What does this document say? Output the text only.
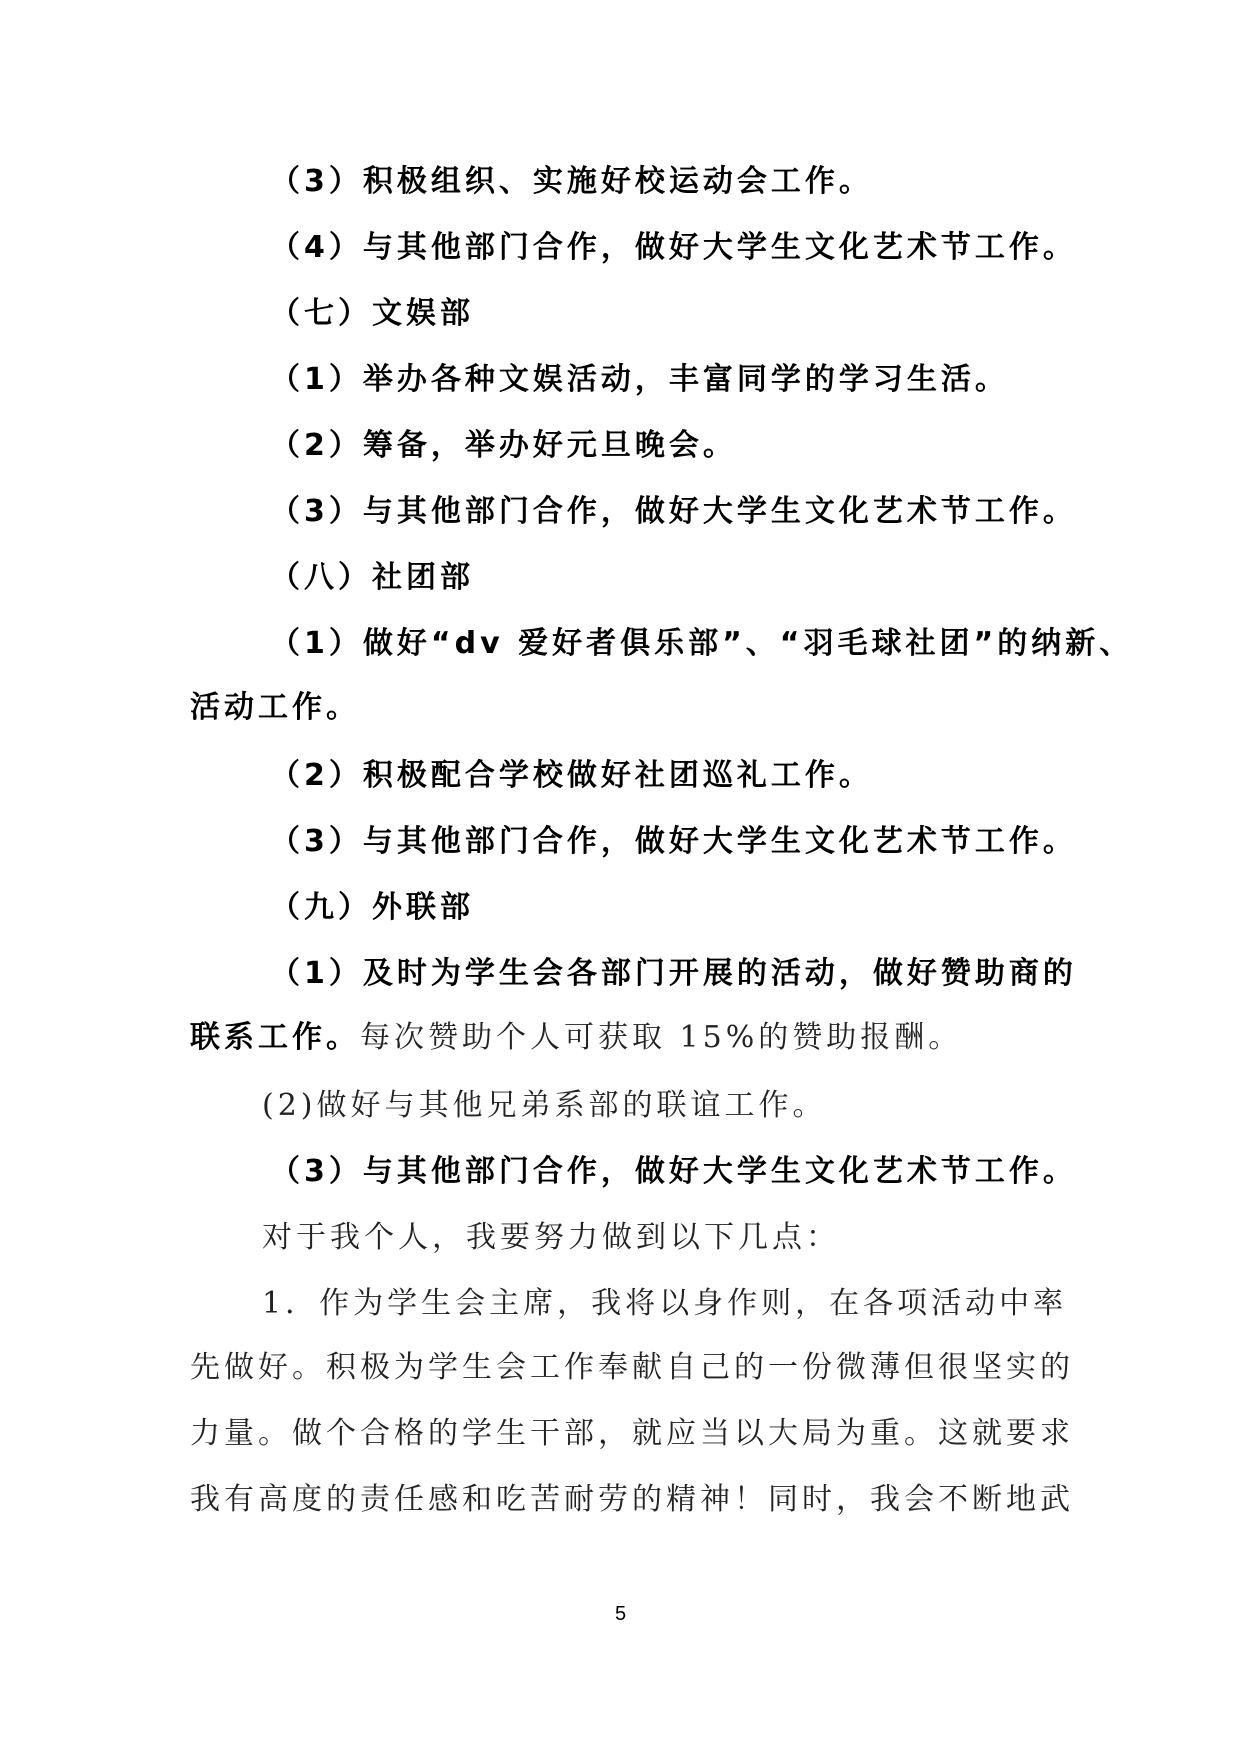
（3）积极组织、实施好校运动会工作。
（4）与其他部门合作，做好大学生文化艺术节工作。
（七）文娱部
（1）举办各种文娱活动，丰富同学的学习生活。
（2）筹备，举办好元旦晚会。
（3）与其他部门合作，做好大学生文化艺术节工作。
（八）社团部
（1）做好“dv 爱好者俱乐部”、“羽毛球社团”的纳新、
活动工作。
（2）积极配合学校做好社团巡礼工作。
（3）与其他部门合作，做好大学生文化艺术节工作。
（九）外联部
（1）及时为学生会各部门开展的活动，做好赞助商的
联系工作。每次赞助个人可获取 15%的赞助报酬。
(2)做好与其他兄弟系部的联谊工作。
（3）与其他部门合作，做好大学生文化艺术节工作。
对于我个人，我要努力做到以下几点：
1．作为学生会主席，我将以身作则，在各项活动中率
先做好。积极为学生会工作奉献自己的一份微薄但很坚实的
力量。做个合格的学生干部，就应当以大局为重。这就要求
我有高度的责任感和吃苦耐劳的精神！同时，我会不断地武
5
